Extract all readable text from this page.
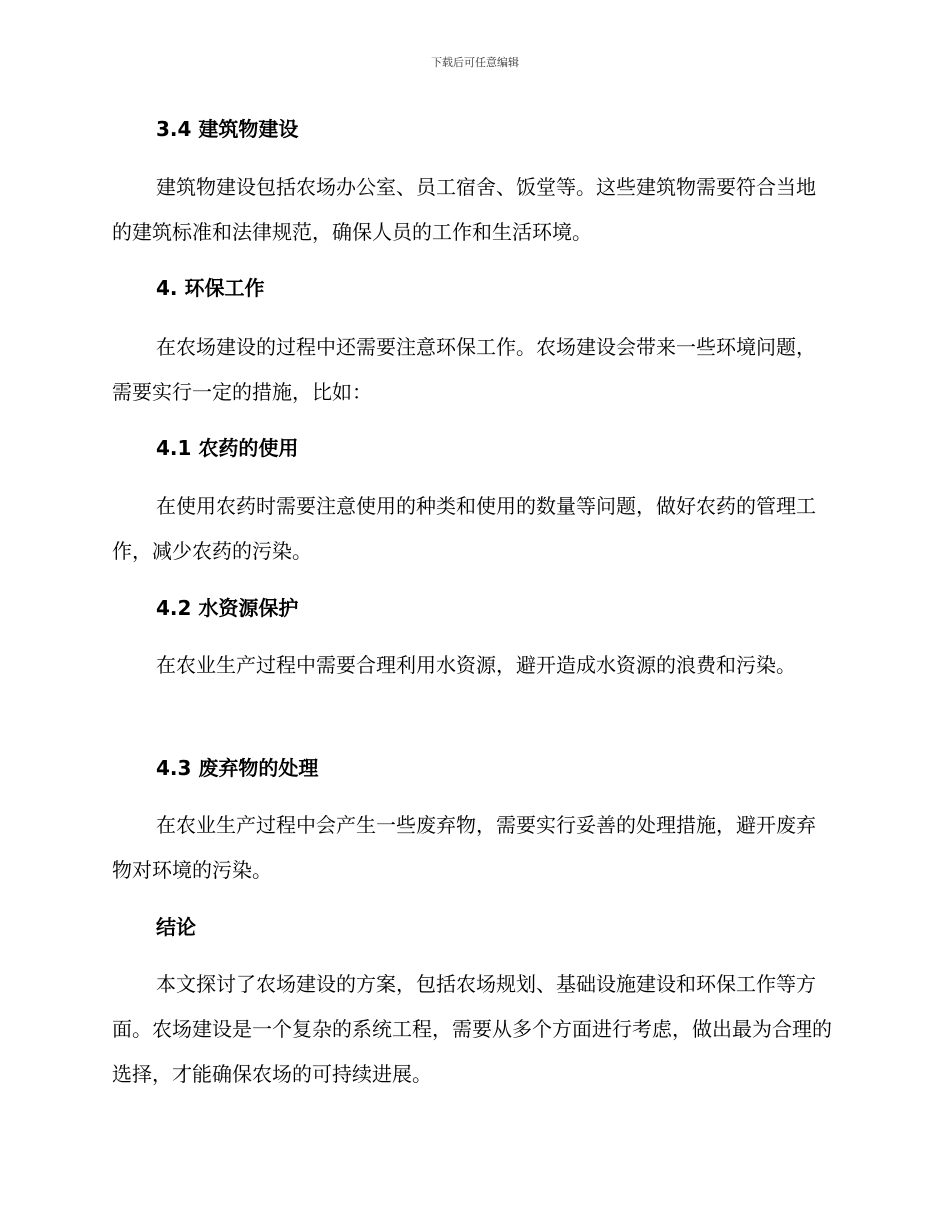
下载后可任意编辑
3.4 建筑物建设

建筑物建设包括农场办公室、员工宿舍、饭堂等。这些建筑物需要符合当地的建筑标准和法律规范，确保人员的工作和生活环境。

4. 环保工作

在农场建设的过程中还需要注意环保工作。农场建设会带来一些环境问题，需要实行一定的措施，比如：

4.1 农药的使用

在使用农药时需要注意使用的种类和使用的数量等问题，做好农药的管理工作，减少农药的污染。

4.2 水资源保护

在农业生产过程中需要合理利用水资源，避开造成水资源的浪费和污染。

4.3 废弃物的处理

在农业生产过程中会产生一些废弃物，需要实行妥善的处理措施，避开废弃物对环境的污染。

结论

本文探讨了农场建设的方案，包括农场规划、基础设施建设和环保工作等方面。农场建设是一个复杂的系统工程，需要从多个方面进行考虑，做出最为合理的选择，才能确保农场的可持续进展。
